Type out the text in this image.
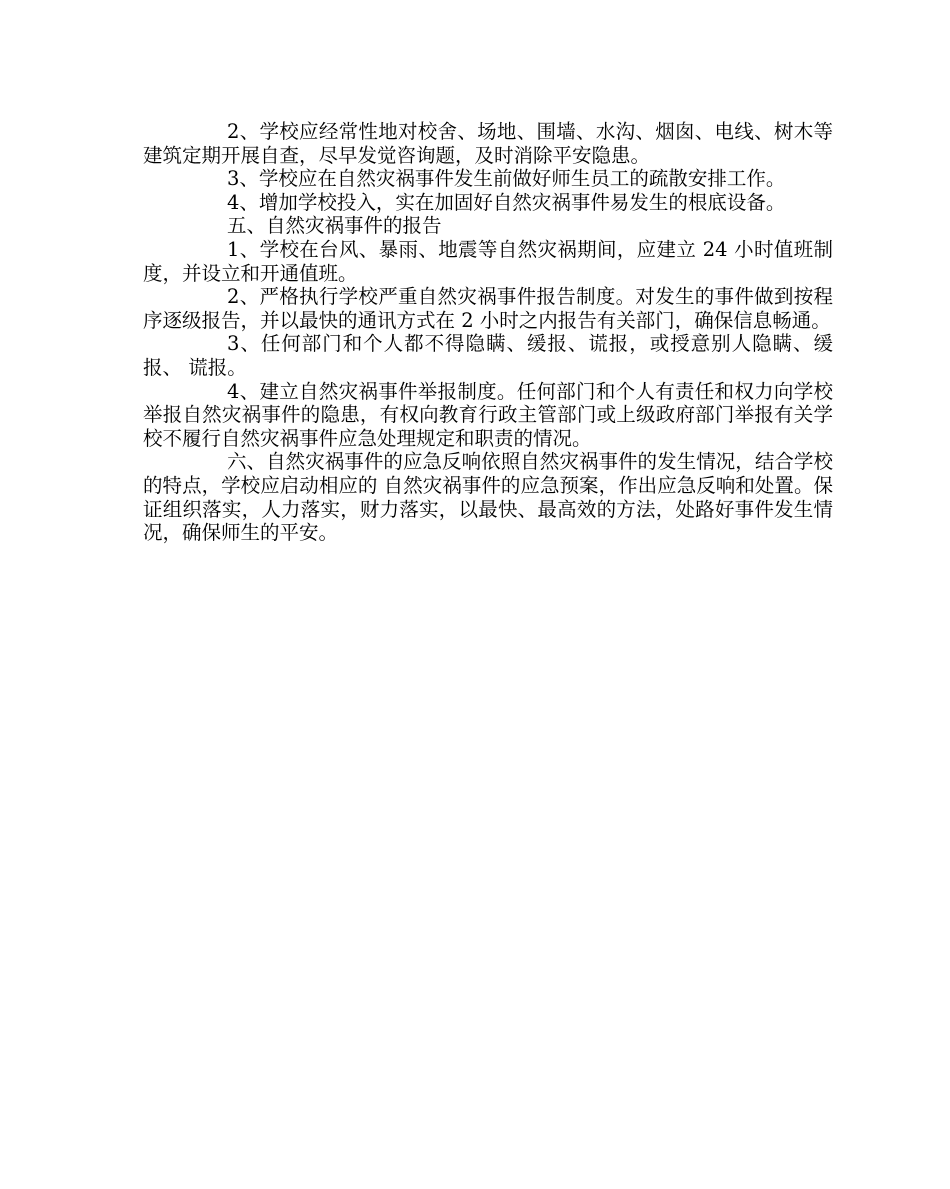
2、学校应经常性地对校舍、场地、围墙、水沟、烟囱、电线、树木等 建筑定期开展自查，尽早发觉咨询题，及时消除平安隐患。

3、学校应在自然灾祸事件发生前做好师生员工的疏散安排工作。

4、增加学校投入，实在加固好自然灾祸事件易发生的根底设备。

五、自然灾祸事件的报告

1、学校在台风、暴雨、地震等自然灾祸期间，应建立 24 小时值班制度，并设立和开通值班。

2、严格执行学校严重自然灾祸事件报告制度。对发生的事件做到按程序逐级报告，并以最快的通讯方式在 2 小时之内报告有关部门，确保信息畅通。

3、任何部门和个人都不得隐瞒、缓报、谎报，或授意别人隐瞒、缓报、 谎报。

4、建立自然灾祸事件举报制度。任何部门和个人有责任和权力向学校举报自然灾祸事件的隐患，有权向教育行政主管部门或上级政府部门举报有关学校不履行自然灾祸事件应急处理规定和职责的情况。

六、自然灾祸事件的应急反响依照自然灾祸事件的发生情况，结合学校的特点，学校应启动相应的 自然灾祸事件的应急预案，作出应急反响和处置。保证组织落实，人力落实，财力落实，以最快、最高效的方法，处路好事件发生情况，确保师生的平安。
